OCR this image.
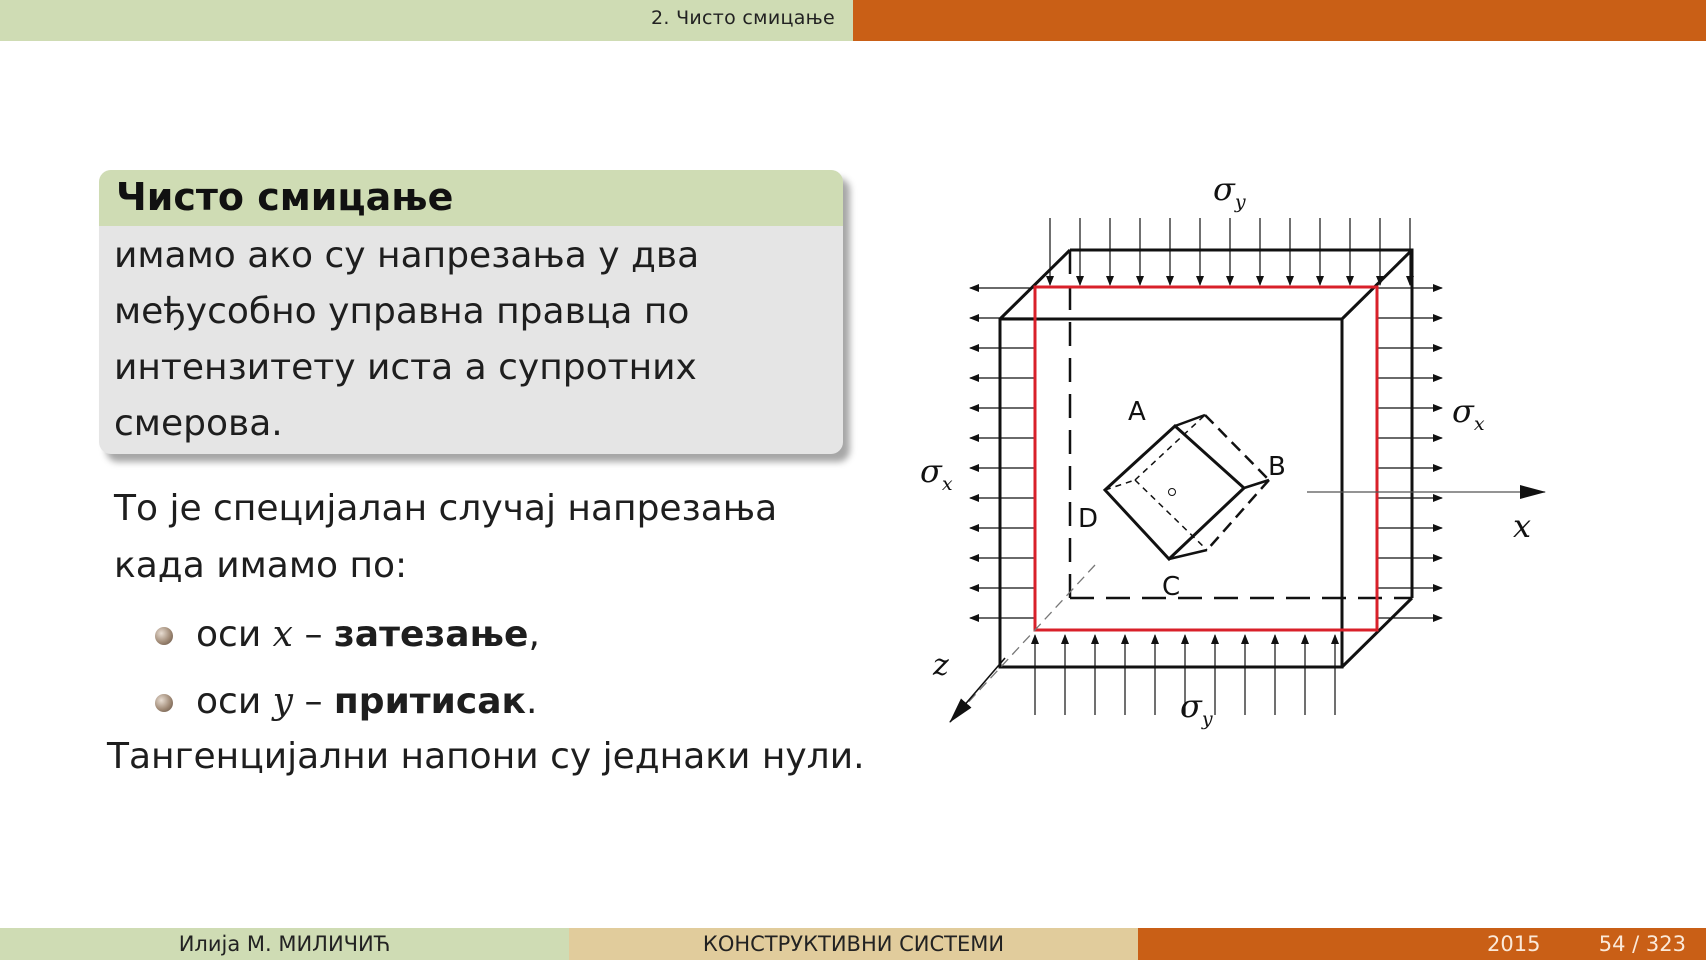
2. Чисто смицање
Чисто смицање
имамо ако су напрезања у два
међусобно управна правца по
интензитету иста а супротних
смерова.
То је специјалан случај напрезања
када имамо по:
оси x – затезање,
оси y – притисак.
Тангенцијални напони су једнаки нули.
$\sigma_y$
$\sigma_y$
$\sigma_x$
$\sigma_x$
x
z
A
B
C
D
Илија М. МИЛИЧИЋ	КОНСТРУКТИВНИ СИСТЕМИ	2015	54 / 323
